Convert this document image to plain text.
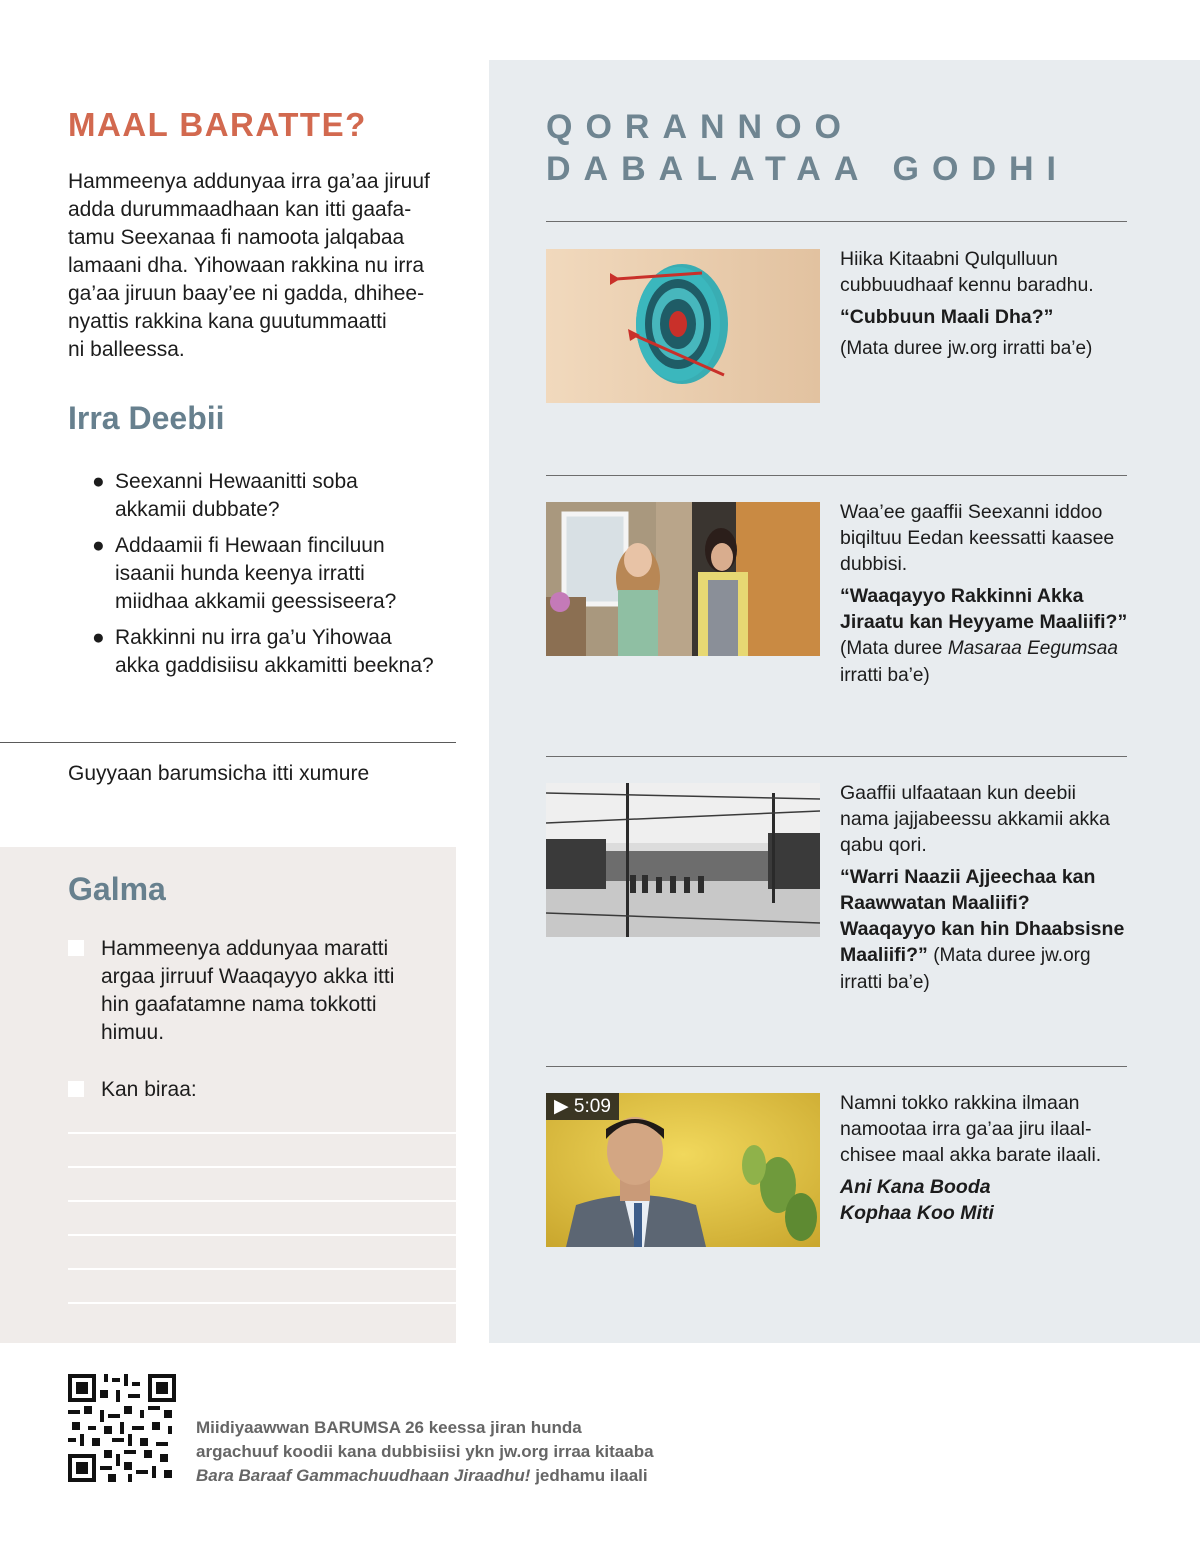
MAAL BARATTE?
Hammeenya addunyaa irra ga’aa jiruuf
adda durummaadhaan kan itti gaafa-
tamu Seexanaa fi namoota jalqabaa
lamaani dha. Yihowaan rakkina nu irra
ga’aa jiruun baay’ee ni gadda, dhihee-
nyattis rakkina kana guutummaatti
ni balleessa.
Irra Deebii
● Seexanni Hewaanitti soba
akkamii dubbate?
● Addaamii fi Hewaan finciluun
isaanii hunda keenya irratti
miidhaa akkamii geessiseera?
● Rakkinni nu irra ga’u Yihowaa
akka gaddisiisu akkamitti beekna?

Guyyaan barumsicha itti xumure

Galma
Hammeenya addunyaa maratti
argaa jirruuf Waaqayyo akka itti
hin gaafatamne nama tokkotti
himuu.
Kan biraa:
QORANNOO
DABALATAA GODHI

Hiika Kitaabni Qulqulluun cubbuudhaaf kennu baradhu.

“Cubbuun Maali Dha?”

(Mata duree jw.org irratti ba’e)

Waa’ee gaaffii Seexanni iddoo biqiltuu Eedan keessatti kaasee dubbisi.

“Waaqayyo Rakkinni Akka Jiraatu kan Heyyame Maaliifi?” (Mata duree Masaraa Eegumsaa irratti ba’e)

Gaaffii ulfaataan kun deebii nama jajjabeessu akkamii akka qabu qori.

“Warri Naazii Ajjeechaa kan Raawwatan Maaliifi? Waaqayyo kan hin Dhaabsisne Maaliifi?” (Mata duree jw.org irratti ba’e)

▶ 5:09	Namni tokko rakkina ilmaan namootaa irra ga’aa jiru ilaal-chisee maal akka barate ilaali.

Ani Kana Booda
Kophaa Koo Miti

Miidiyaawwan BARUMSA 26 keessa jiran hunda
argachuuf koodii kana dubbisiisi ykn jw.org irraa kitaaba
Bara Baraaf Gammachuudhaan Jiraadhu! jedhamu ilaali
